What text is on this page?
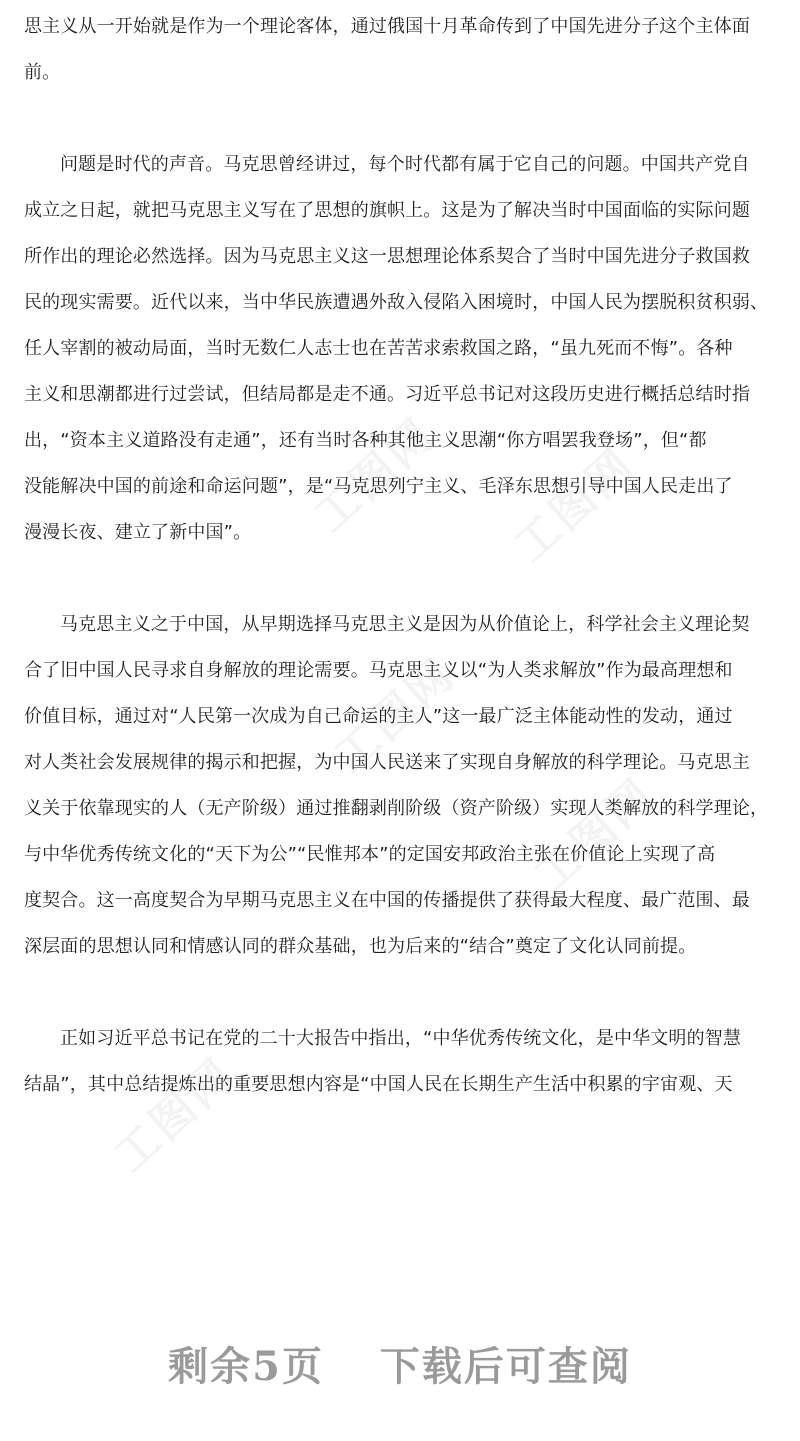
工图网 工图网
工图网
工图网
工图网

思主义从一开始就是作为一个理论客体，通过俄国十月革命传到了中国先进分子这个主体面
前。

问题是时代的声音。马克思曾经讲过，每个时代都有属于它自己的问题。中国共产党自
成立之日起，就把马克思主义写在了思想的旗帜上。这是为了解决当时中国面临的实际问题
所作出的理论必然选择。因为马克思主义这一思想理论体系契合了当时中国先进分子救国救
民的现实需要。近代以来，当中华民族遭遇外敌入侵陷入困境时，中国人民为摆脱积贫积弱、
任人宰割的被动局面，当时无数仁人志士也在苦苦求索救国之路，“虽九死而不悔”。各种
主义和思潮都进行过尝试，但结局都是走不通。习近平总书记对这段历史进行概括总结时指
出，“资本主义道路没有走通”，还有当时各种其他主义思潮“你方唱罢我登场”，但“都
没能解决中国的前途和命运问题”，是“马克思列宁主义、毛泽东思想引导中国人民走出了
漫漫长夜、建立了新中国”。

马克思主义之于中国，从早期选择马克思主义是因为从价值论上，科学社会主义理论契
合了旧中国人民寻求自身解放的理论需要。马克思主义以“为人类求解放”作为最高理想和
价值目标，通过对“人民第一次成为自己命运的主人”这一最广泛主体能动性的发动，通过
对人类社会发展规律的揭示和把握，为中国人民送来了实现自身解放的科学理论。马克思主
义关于依靠现实的人（无产阶级）通过推翻剥削阶级（资产阶级）实现人类解放的科学理论，
与中华优秀传统文化的“天下为公”“民惟邦本”的定国安邦政治主张在价值论上实现了高
度契合。这一高度契合为早期马克思主义在中国的传播提供了获得最大程度、最广范围、最
深层面的思想认同和情感认同的群众基础，也为后来的“结合”奠定了文化认同前提。

正如习近平总书记在党的二十大报告中指出，“中华优秀传统文化，是中华文明的智慧
结晶”，其中总结提炼出的重要思想内容是“中国人民在长期生产生活中积累的宇宙观、天

剩余5页 下载后可查阅
